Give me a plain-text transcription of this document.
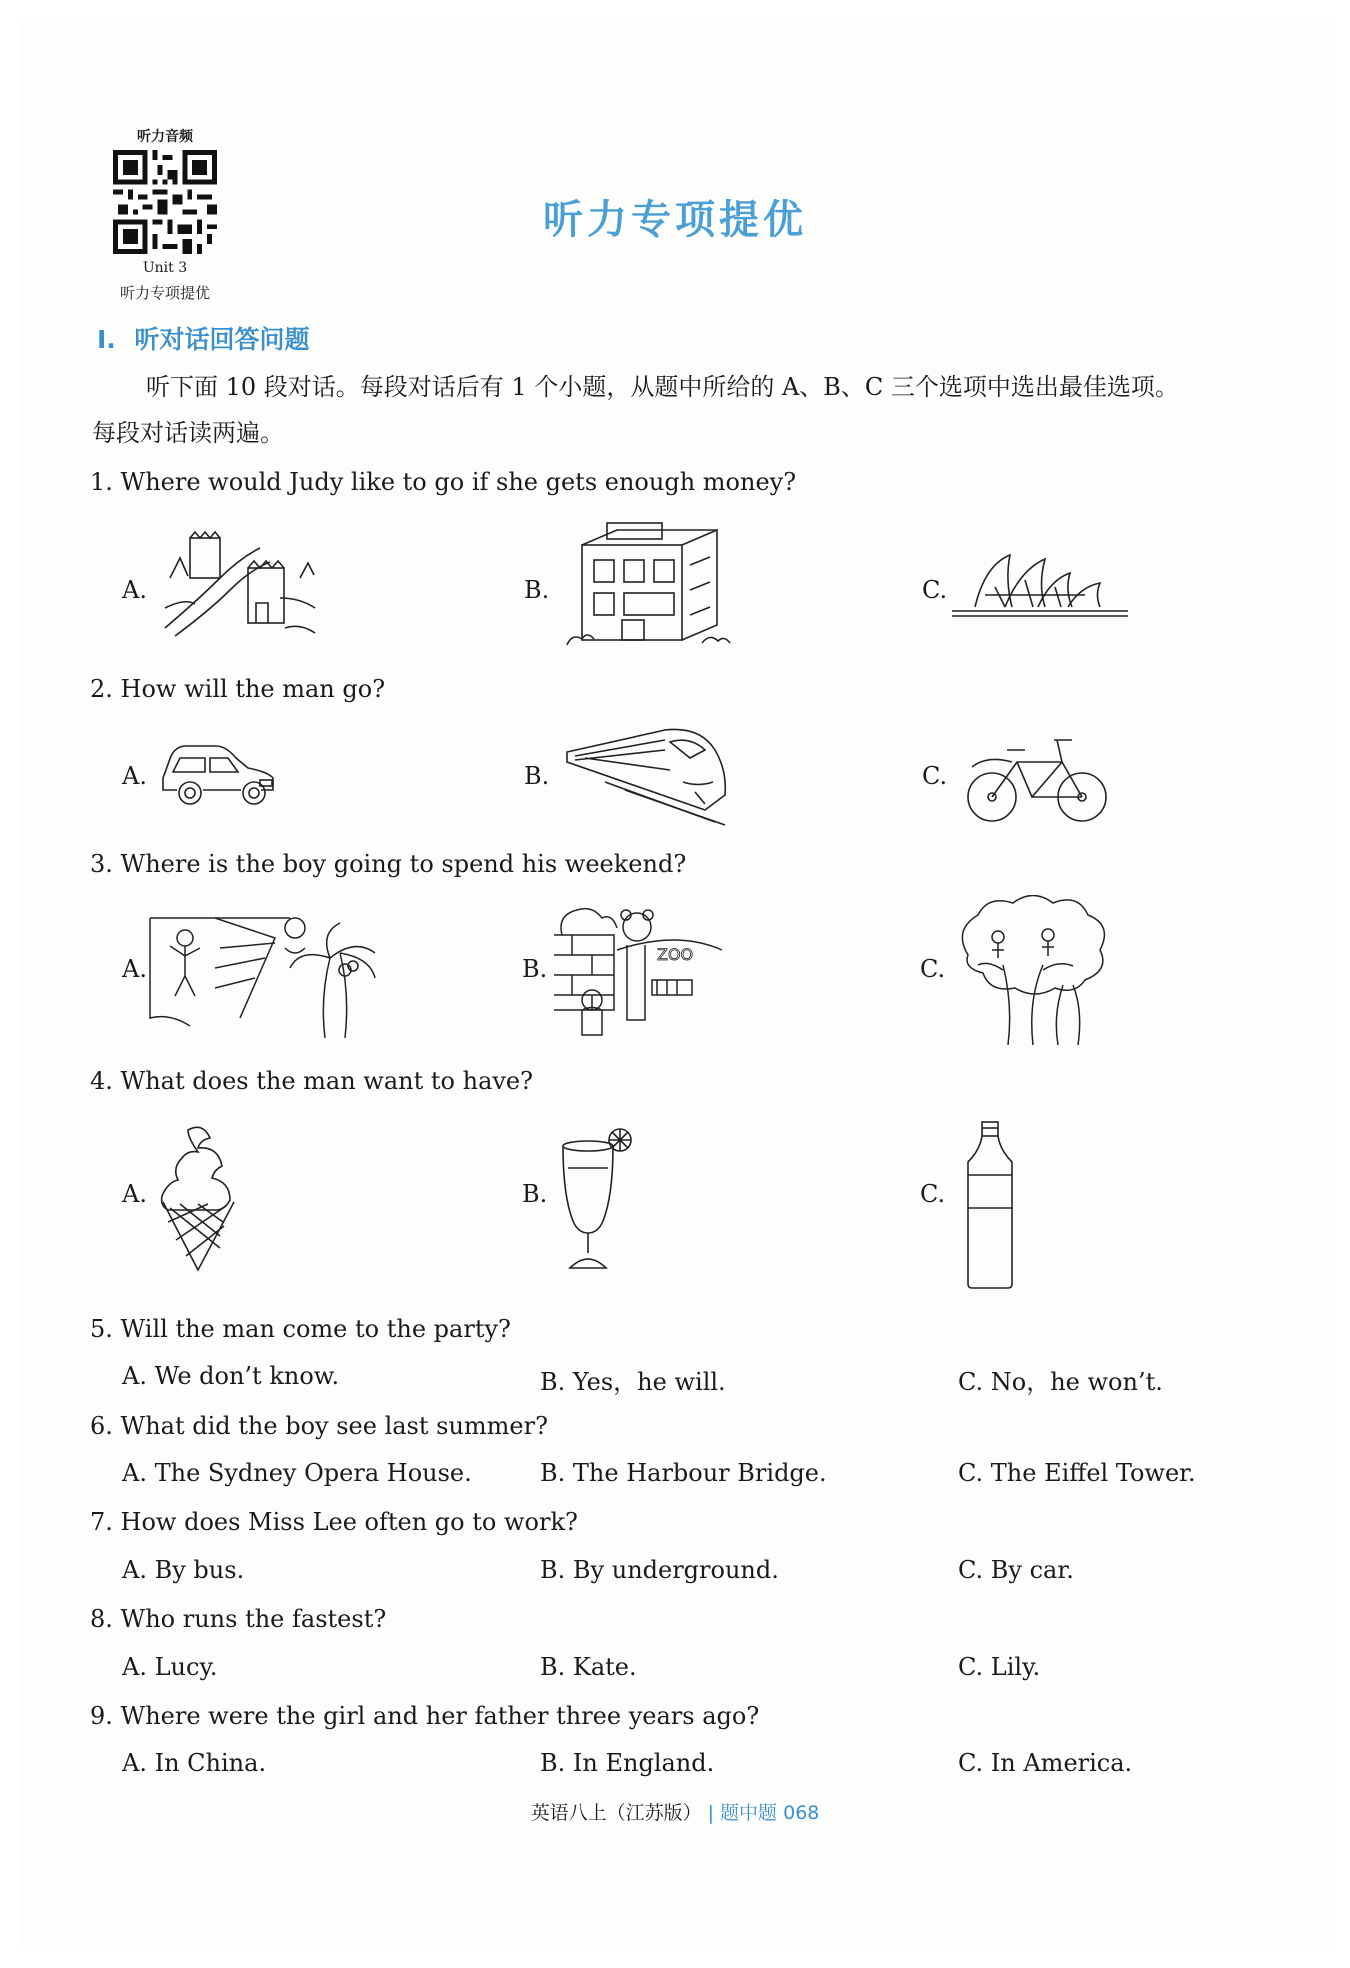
听力音频
Unit 3
听力专项提优
听力专项提优
Ⅰ. 听对话回答问题
听下面 10 段对话。每段对话后有 1 个小题，从题中所给的 A、B、C 三个选项中选出最佳选项。
每段对话读两遍。
1. Where would Judy like to go if she gets enough money?
A.	B.	C.
2. How will the man go?
A.	B.	C.
3. Where is the boy going to spend his weekend?
A.	B.
ZOO
C.
4. What does the man want to have?
A.	B.	C.
5. Will the man come to the party?
A. We don’t know.	B. Yes，he will.	C. No，he won’t.
6. What did the boy see last summer?
A. The Sydney Opera House.	B. The Harbour Bridge.	C. The Eiffel Tower.
7. How does Miss Lee often go to work?
A. By bus.	B. By underground.	C. By car.
8. Who runs the fastest?
A. Lucy.	B. Kate.	C. Lily.
9. Where were the girl and her father three years ago?
A. In China.	B. In England.	C. In America.
英语八上（江苏版） | 题中题 068
